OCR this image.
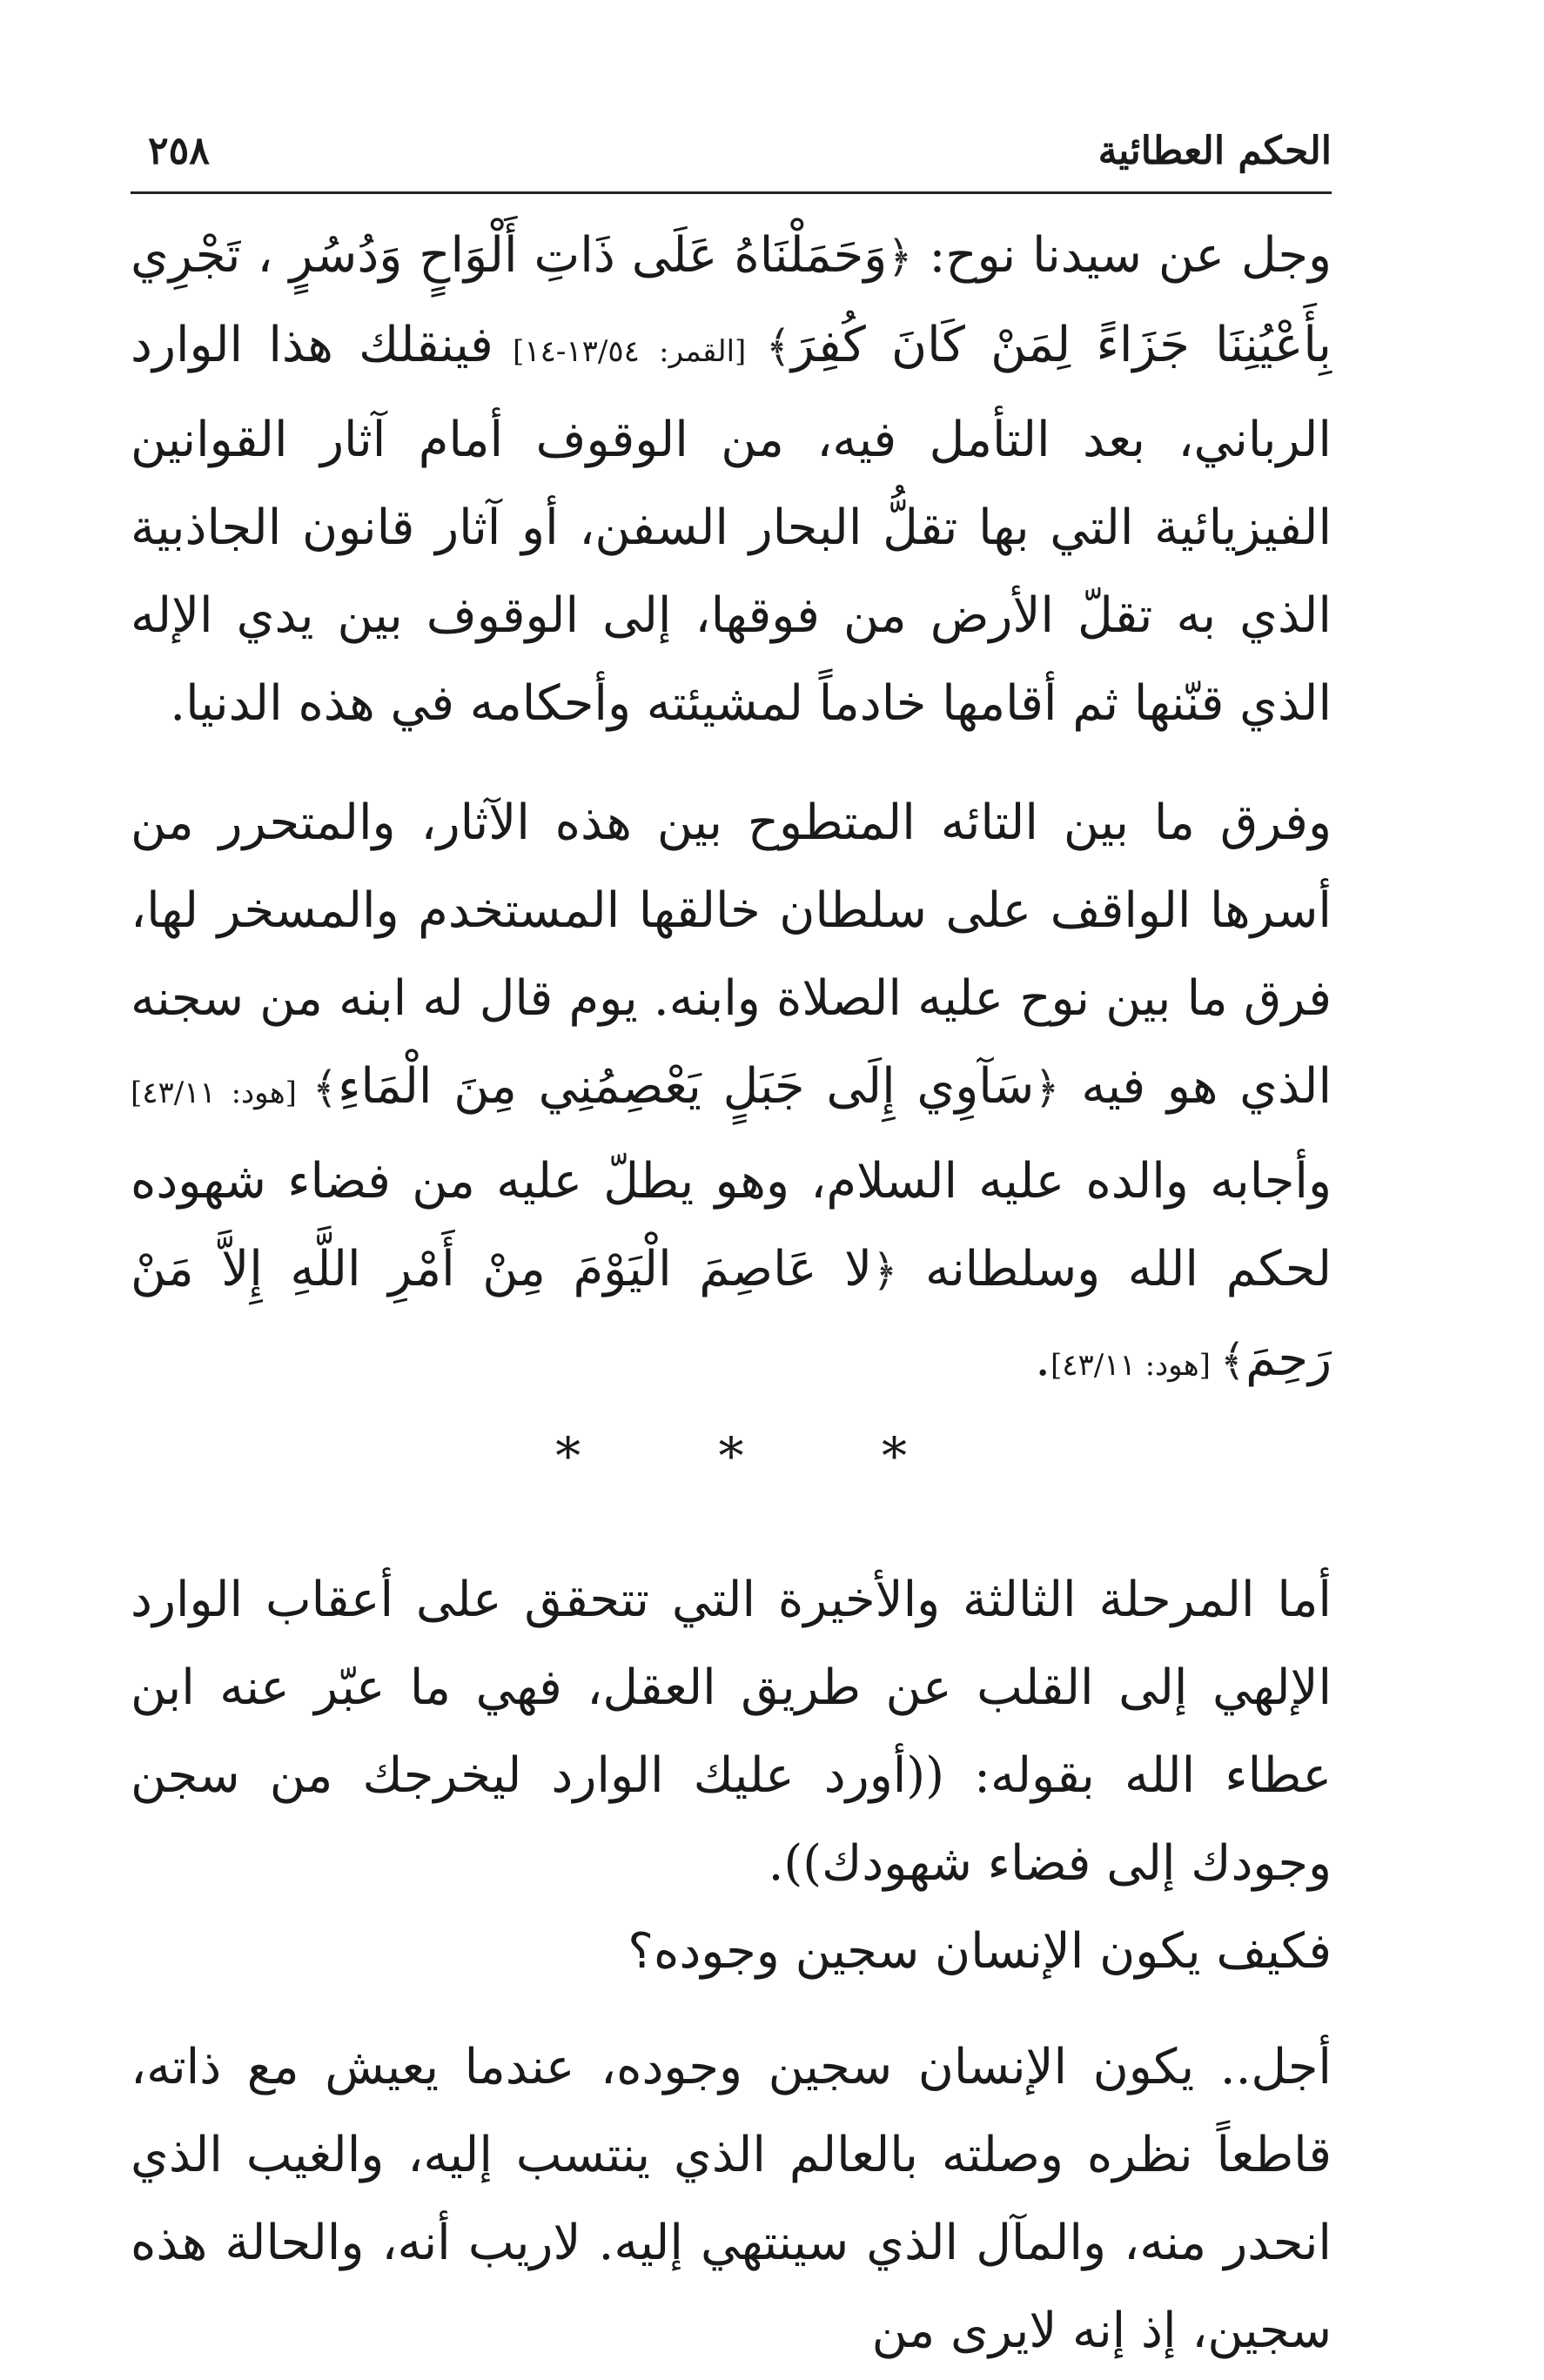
الحكم العطائية
٢٥٨

وجل عن سيدنا نوح: ﴿وَحَمَلْنَاهُ عَلَى ذَاتِ أَلْوَاحٍ وَدُسُرٍ ، تَجْرِي بِأَعْيُنِنَا جَزَاءً لِمَنْ كَانَ كُفِرَ﴾ [القمر: ١٣/٥٤-١٤] فينقلك هذا الوارد الرباني، بعد التأمل فيه، من الوقوف أمام آثار القوانين الفيزيائية التي بها تقلُّ البحار السفن، أو آثار قانون الجاذبية الذي به تقلّ الأرض من فوقها، إلى الوقوف بين يدي الإله الذي قنّنها ثم أقامها خادماً لمشيئته وأحكامه في هذه الدنيا.

وفرق ما بين التائه المتطوح بين هذه الآثار، والمتحرر من أسرها الواقف على سلطان خالقها المستخدم والمسخر لها، فرق ما بين نوح عليه الصلاة وابنه. يوم قال له ابنه من سجنه الذي هو فيه ﴿سَآوِي إِلَى جَبَلٍ يَعْصِمُنِي مِنَ الْمَاءِ﴾ [هود: ٤٣/١١] وأجابه والده عليه السلام، وهو يطلّ عليه من فضاء شهوده لحكم الله وسلطانه ﴿لا عَاصِمَ الْيَوْمَ مِنْ أَمْرِ اللَّهِ إِلاَّ مَنْ رَحِمَ﴾ [هود: ٤٣/١١].

*	*	*

أما المرحلة الثالثة والأخيرة التي تتحقق على أعقاب الوارد الإلهي إلى القلب عن طريق العقل، فهي ما عبّر عنه ابن عطاء الله بقوله: ((أورد عليك الوارد ليخرجك من سجن وجودك إلى فضاء شهودك)).

فكيف يكون الإنسان سجين وجوده؟

أجل.. يكون الإنسان سجين وجوده، عندما يعيش مع ذاته، قاطعاً نظره وصلته بالعالم الذي ينتسب إليه، والغيب الذي انحدر منه، والمآل الذي سينتهي إليه. لاريب أنه، والحالة هذه سجين، إذ إنه لايرى من
